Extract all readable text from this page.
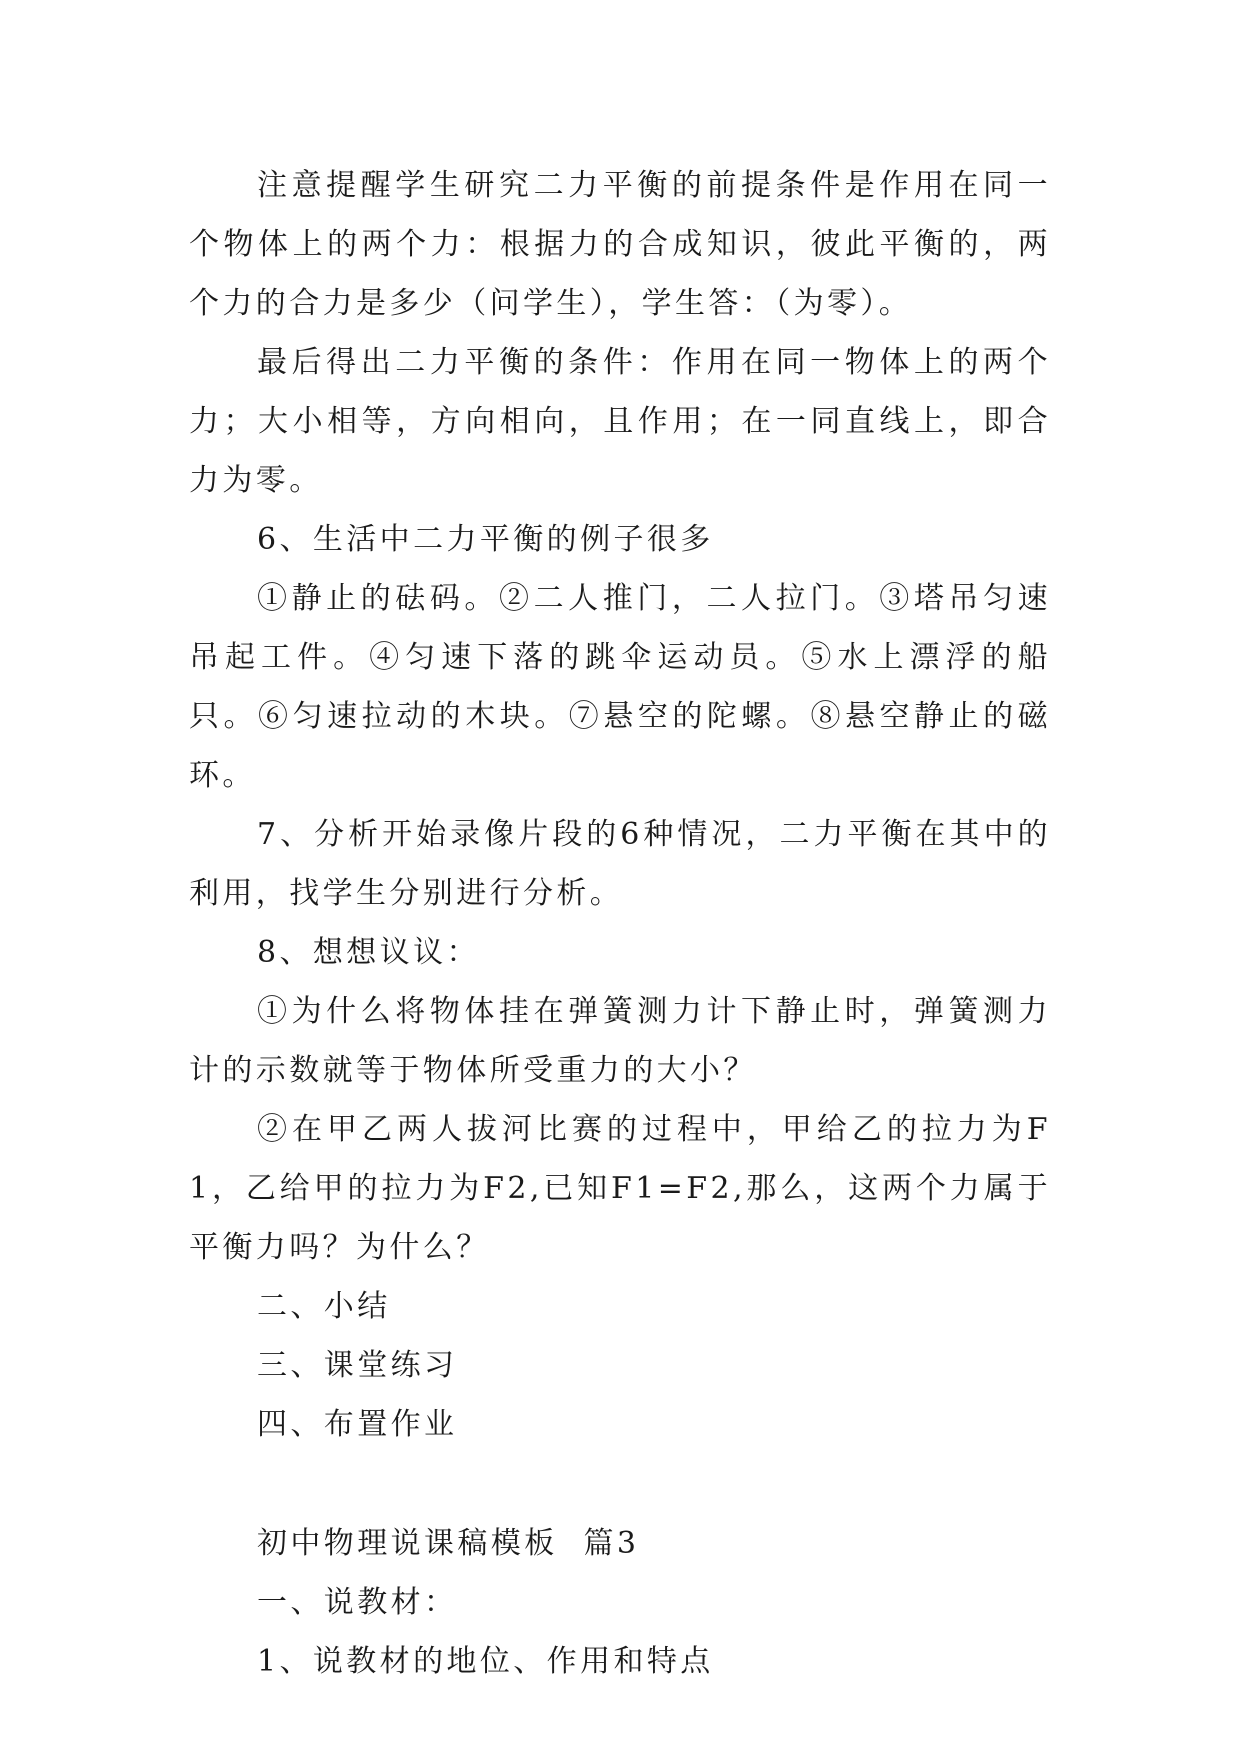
注意提醒学生研究二力平衡的前提条件是作用在同一个物体上的两个力：根据力的合成知识，彼此平衡的，两个力的合力是多少（问学生），学生答：（为零）。

最后得出二力平衡的条件：作用在同一物体上的两个力；大小相等，方向相向，且作用；在一同直线上，即合力为零。

6、生活中二力平衡的例子很多

①静止的砝码。②二人推门，二人拉门。③塔吊匀速吊起工件。④匀速下落的跳伞运动员。⑤水上漂浮的船只。⑥匀速拉动的木块。⑦悬空的陀螺。⑧悬空静止的磁环。

7、分析开始录像片段的6种情况，二力平衡在其中的利用，找学生分别进行分析。

8、想想议议：

①为什么将物体挂在弹簧测力计下静止时，弹簧测力计的示数就等于物体所受重力的大小？

②在甲乙两人拔河比赛的过程中，甲给乙的拉力为F1，乙给甲的拉力为F2,已知F1=F2,那么，这两个力属于平衡力吗？为什么？

二、小结

三、课堂练习

四、布置作业

初中物理说课稿模板  篇3

一、说教材：

1、说教材的地位、作用和特点
